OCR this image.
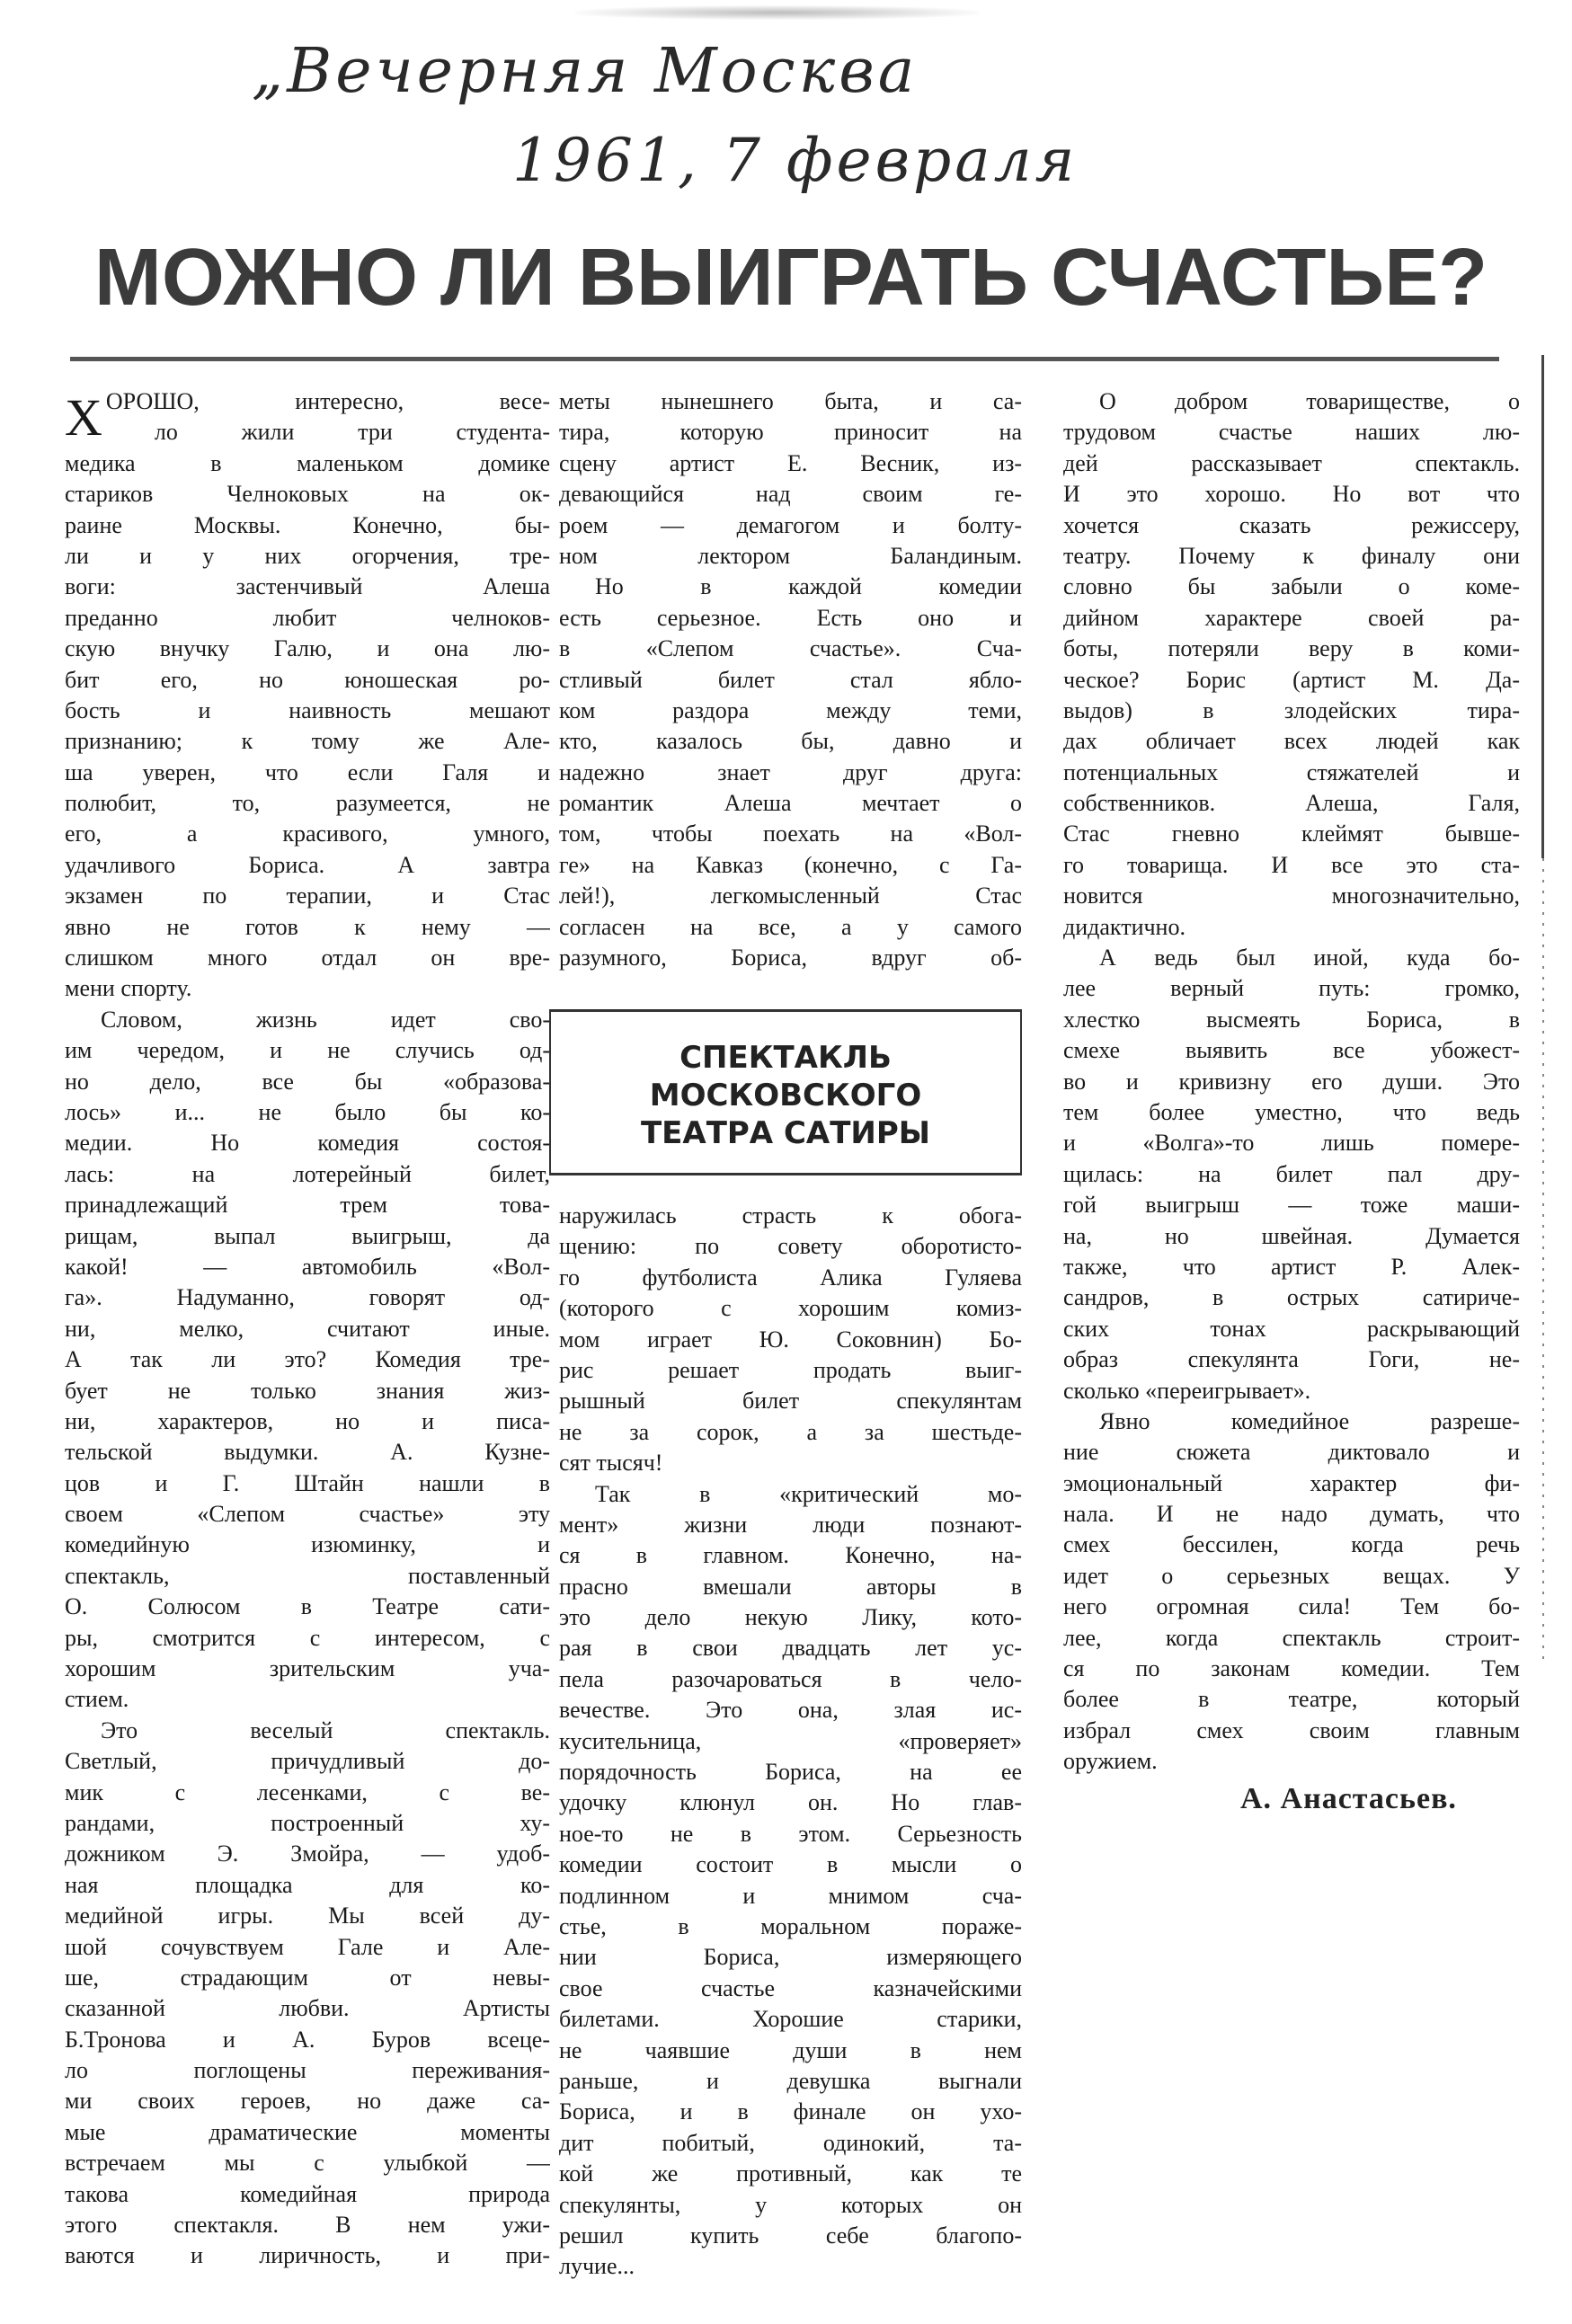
„Вечерняя Москва
1961, 7 февраля
МОЖНО ЛИ ВЫИГРАТЬ СЧАСТЬЕ?
ХОРОШО, интересно, весе-
ло жили три студента-
медика в маленьком домике
стариков Челноковых на ок-
раине Москвы. Конечно, бы-
ли и у них огорчения, тре-
воги: застенчивый Алеша
преданно любит челноков-
скую внучку Галю, и она лю-
бит его, но юношеская ро-
бость и наивность мешают
признанию; к тому же Але-
ша уверен, что если Галя и
полюбит, то, разумеется, не
его, а красивого, умного,
удачливого Бориса. А завтра
экзамен по терапии, и Стас
явно не готов к нему —
слишком много отдал он вре-
мени спорту.
Словом, жизнь идет сво-
им чередом, и не случись од-
но дело, все бы «образова-
лось» и... не было бы ко-
медии. Но комедия состоя-
лась: на лотерейный билет,
принадлежащий трем това-
рищам, выпал выигрыш, да
какой! — автомобиль «Вол-
га». Надуманно, говорят од-
ни, мелко, считают иные.
А так ли это? Комедия тре-
бует не только знания жиз-
ни, характеров, но и писа-
тельской выдумки. А. Кузне-
цов и Г. Штайн нашли в
своем «Слепом счастье» эту
комедийную изюминку, и
спектакль, поставленный
О. Солюсом в Театре сати-
ры, смотрится с интересом, с
хорошим зрительским уча-
стием.
Это веселый спектакль.
Светлый, причудливый до-
мик с лесенками, с ве-
рандами, построенный ху-
дожником Э. Змойра, — удоб-
ная площадка для ко-
медийной игры. Мы всей ду-
шой сочувствуем Гале и Але-
ше, страдающим от невы-
сказанной любви. Артисты
Б.Тронова и А. Буров всеце-
ло поглощены переживания-
ми своих героев, но даже са-
мые драматические моменты
встречаем мы с улыбкой —
такова комедийная природа
этого спектакля. В нем ужи-
ваются и лиричность, и при-
меты нынешнего быта, и са-
тира, которую приносит на
сцену артист Е. Весник, из-
девающийся над своим ге-
роем — демагогом и болту-
ном лектором Баландиным.
Но в каждой комедии
есть серьезное. Есть оно и
в «Слепом счастье». Сча-
стливый билет стал ябло-
ком раздора между теми,
кто, казалось бы, давно и
надежно знает друг друга:
романтик Алеша мечтает о
том, чтобы поехать на «Вол-
ге» на Кавказ (конечно, с Га-
лей!), легкомысленный Стас
согласен на все, а у самого
разумного, Бориса, вдруг об-
СПЕКТАКЛЬ
МОСКОВСКОГО
ТЕАТРА САТИРЫ
наружилась страсть к обога-
щению: по совету оборотисто-
го футболиста Алика Гуляева
(которого с хорошим комиз-
мом играет Ю. Соковнин) Бо-
рис решает продать выиг-
рышный билет спекулянтам
не за сорок, а за шестьде-
сят тысяч!
Так в «критический мо-
мент» жизни люди познают-
ся в главном. Конечно, на-
прасно вмешали авторы в
это дело некую Лику, кото-
рая в свои двадцать лет ус-
пела разочароваться в чело-
вечестве. Это она, злая ис-
кусительница, «проверяет»
порядочность Бориса, на ее
удочку клюнул он. Но глав-
ное-то не в этом. Серьезность
комедии состоит в мысли о
подлинном и мнимом сча-
стье, в моральном пораже-
нии Бориса, измеряющего
свое счастье казначейскими
билетами. Хорошие старики,
не чаявшие души в нем
раньше, и девушка выгнали
Бориса, и в финале он ухо-
дит побитый, одинокий, та-
кой же противный, как те
спекулянты, у которых он
решил купить себе благопо-
лучие...
О добром товариществе, о
трудовом счастье наших лю-
дей рассказывает спектакль.
И это хорошо. Но вот что
хочется сказать режиссеру,
театру. Почему к финалу они
словно бы забыли о коме-
дийном характере своей ра-
боты, потеряли веру в коми-
ческое? Борис (артист М. Да-
выдов) в злодейских тира-
дах обличает всех людей как
потенциальных стяжателей и
собственников. Алеша, Галя,
Стас гневно клеймят бывше-
го товарища. И все это ста-
новится многозначительно,
дидактично.
А ведь был иной, куда бо-
лее верный путь: громко,
хлестко высмеять Бориса, в
смехе выявить все убожест-
во и кривизну его души. Это
тем более уместно, что ведь
и «Волга»-то лишь помере-
щилась: на билет пал дру-
гой выигрыш — тоже маши-
на, но швейная. Думается
также, что артист Р. Алек-
сандров, в острых сатириче-
ских тонах раскрывающий
образ спекулянта Гоги, не-
сколько «переигрывает».
Явно комедийное разреше-
ние сюжета диктовало и
эмоциональный характер фи-
нала. И не надо думать, что
смех бессилен, когда речь
идет о серьезных вещах. У
него огромная сила! Тем бо-
лее, когда спектакль строит-
ся по законам комедии. Тем
более в театре, который
избрал смех своим главным
оружием.
А. Анастасьев.
